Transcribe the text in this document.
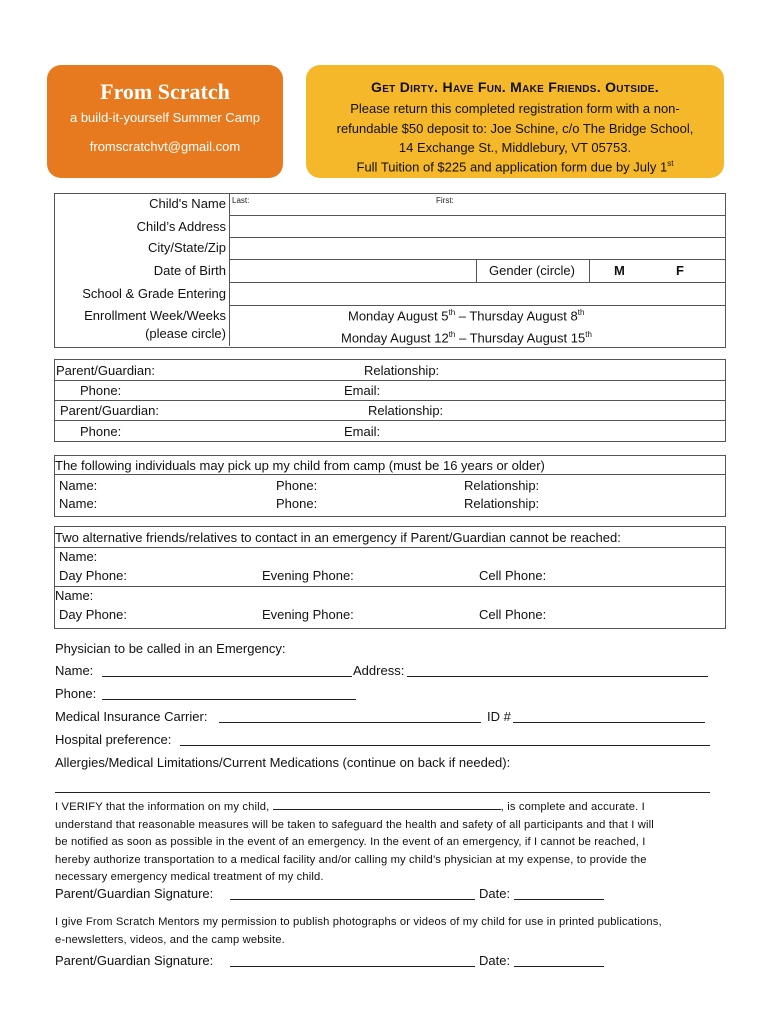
From Scratch
a build-it-yourself Summer Camp
fromscratchvt@gmail.com
Get Dirty. Have Fun. Make Friends. Outside.
Please return this completed registration form with a non-
refundable $50 deposit to: Joe Schine, c/o The Bridge School,
14 Exchange St., Middlebury, VT 05753.
Full Tuition of $225 and application form due by July 1st
Child's Name Last:	First:
Child’s Address
City/State/Zip
Date of Birth	Gender (circle)	M	F
School & Grade Entering
Enrollment Week/Weeks
(please circle)
Monday August 5th – Thursday August 8th
Monday August 12th – Thursday August 15th
Parent/Guardian:	Relationship:
Phone:	Email:
Parent/Guardian:	Relationship:
Phone:	Email:
The following individuals may pick up my child from camp (must be 16 years or older)
Name:	Phone:	Relationship:
Name:	Phone:	Relationship:
Two alternative friends/relatives to contact in an emergency if Parent/Guardian cannot be reached:
Name:
Day Phone:	Evening Phone:	Cell Phone:
Name:
Day Phone:	Evening Phone:	Cell Phone:
Physician to be called in an Emergency:
Name:	Address:
Phone:
Medical Insurance Carrier:	ID #
Hospital preference:
Allergies/Medical Limitations/Current Medications (continue on back if needed):
I VERIFY that the information on my child,	, is complete and accurate. I
understand that reasonable measures will be taken to safeguard the health and safety of all participants and that I will
be notified as soon as possible in the event of an emergency. In the event of an emergency, if I cannot be reached, I
hereby authorize transportation to a medical facility and/or calling my child’s physician at my expense, to provide the
necessary emergency medical treatment of my child.
Parent/Guardian Signature:	Date:
I give From Scratch Mentors my permission to publish photographs or videos of my child for use in printed publications,
e-newsletters, videos, and the camp website.
Parent/Guardian Signature:	Date:
